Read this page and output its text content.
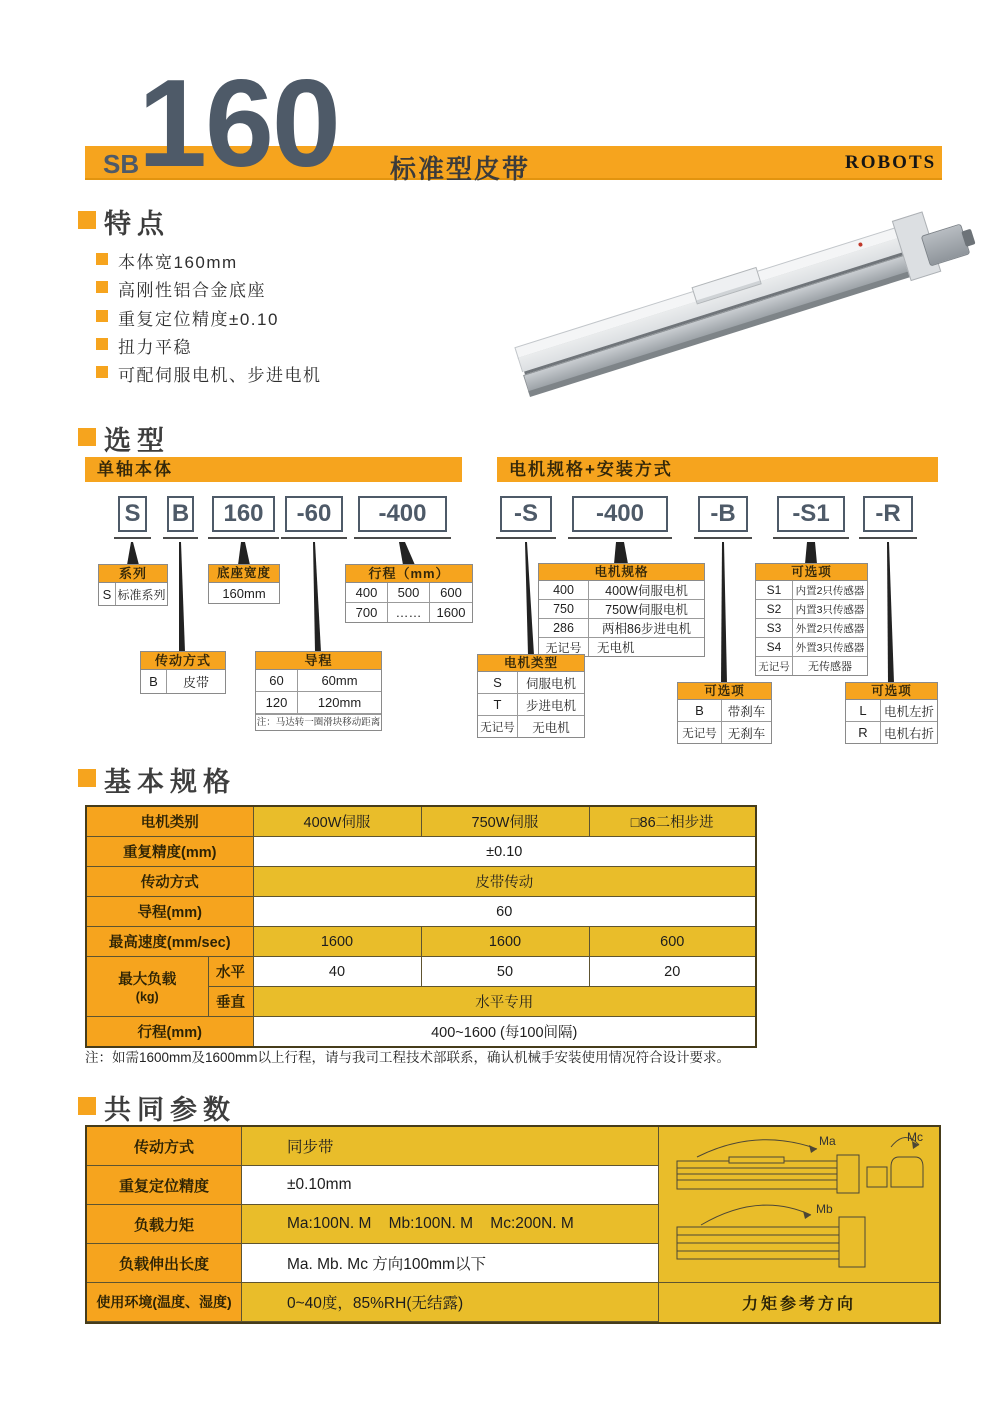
SB
160 标准型皮带	ROBOTS
特点
本体宽160mm
高刚性铝合金底座
重复定位精度±0.10
扭力平稳
可配伺服电机、步进电机
选型
单轴本体	电机规格+安装方式
S B	160	-60	-400	-S	-400	-B	-S1	-R
系列
S 标准系列
底座宽度
160mm
行程（mm）
400	500	600
700	……	1600
传动方式
B	皮带
导程
60	60mm
120	120mm
注：马达转一圈滑块移动距离
电机规格
400	400W伺服电机
750	750W伺服电机
286	两相86步进电机
无记号	无电机
电机类型
S	伺服电机
T	步进电机
无记号	无电机
可选项
S1	内置2只传感器
S2	内置3只传感器
S3	外置2只传感器
S4	外置3只传感器
无记号	无传感器
可选项
B	带刹车
无记号 无刹车
可选项
L	电机左折
R	电机右折
基本规格
电机类别		400W伺服	750W伺服	□86二相步进
重复精度(mm)		±0.10		
传动方式		皮带传动		
导程(mm)		60		
最高速度(mm/sec)		1600	1600	600
最大负载
(kg)	水平	40	50	20
	垂直	水平专用		
行程(mm)		400~1600 (每100间隔)		
注：如需1600mm及1600mm以上行程，请与我司工程技术部联系，确认机械手安装使用情况符合设计要求。
共同参数
传动方式	同步带
重复定位精度	±0.10mm
负载力矩	Ma:100N. M    Mb:100N. M    Mc:200N. M
负载伸出长度	Ma. Mb. Mc 方向100mm以下
使用环境(温度、湿度)	0~40度，85%RH(无结露)
Ma	Mc
Mb
力矩参考方向
